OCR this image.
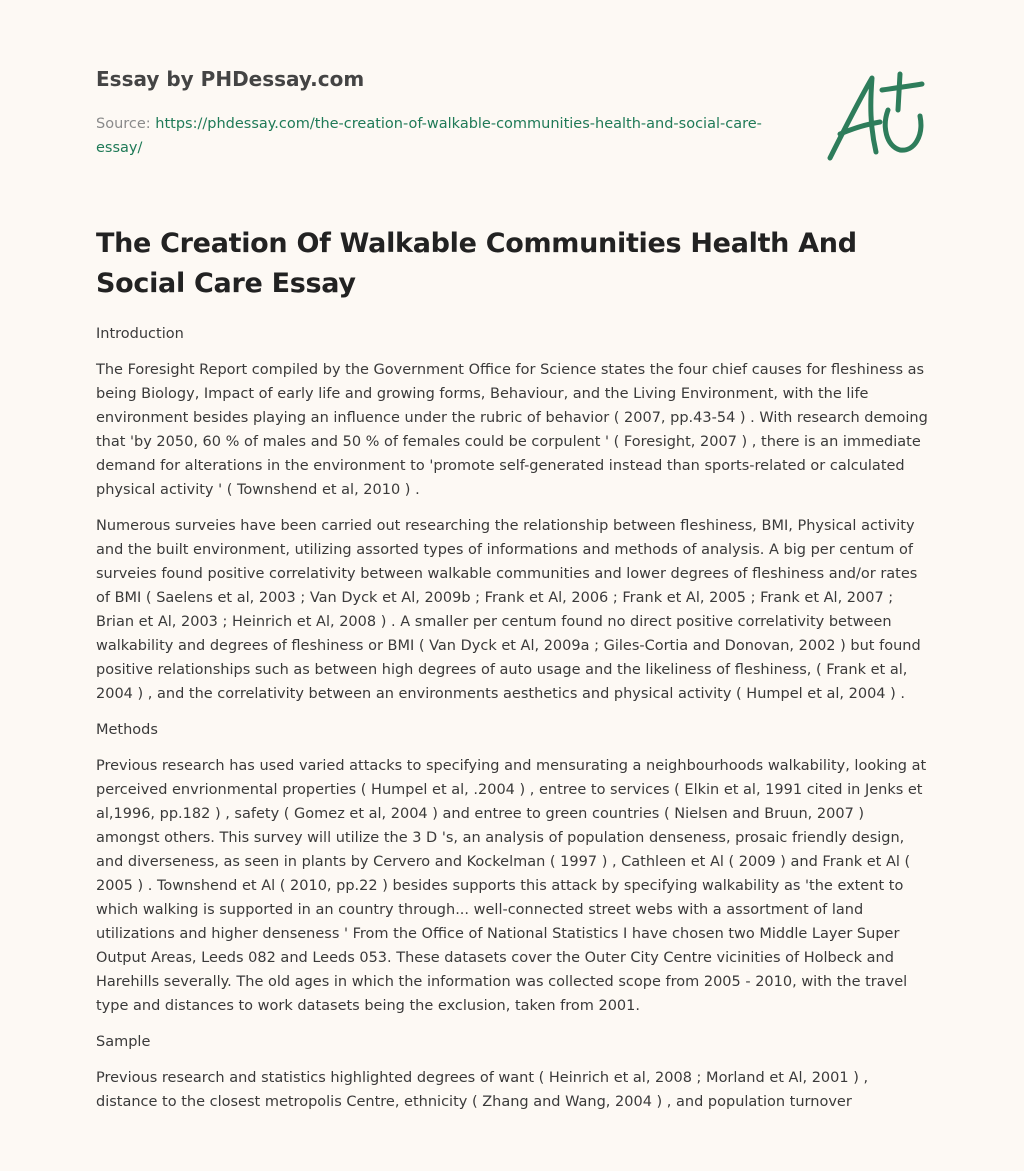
Essay by PHDessay.com
Source: https://phdessay.com/the-creation-of-walkable-communities-health-and-social-care-essay/
The Creation Of Walkable Communities Health And Social Care Essay

Introduction

The Foresight Report compiled by the Government Office for Science states the four chief causes for fleshiness as being Biology, Impact of early life and growing forms, Behaviour, and the Living Environment, with the life environment besides playing an influence under the rubric of behavior ( 2007, pp.43-54 ) . With research demoing that 'by 2050, 60 % of males and 50 % of females could be corpulent ' ( Foresight, 2007 ) , there is an immediate demand for alterations in the environment to 'promote self-generated instead than sports-related or calculated physical activity ' ( Townshend et al, 2010 ) .

Numerous surveies have been carried out researching the relationship between fleshiness, BMI, Physical activity and the built environment, utilizing assorted types of informations and methods of analysis. A big per centum of surveies found positive correlativity between walkable communities and lower degrees of fleshiness and/or rates of BMI ( Saelens et al, 2003 ; Van Dyck et Al, 2009b ; Frank et Al, 2006 ; Frank et Al, 2005 ; Frank et Al, 2007 ; Brian et Al, 2003 ; Heinrich et Al, 2008 ) . A smaller per centum found no direct positive correlativity between walkability and degrees of fleshiness or BMI ( Van Dyck et Al, 2009a ; Giles-Cortia and Donovan, 2002 ) but found positive relationships such as between high degrees of auto usage and the likeliness of fleshiness, ( Frank et al, 2004 ) , and the correlativity between an environments aesthetics and physical activity ( Humpel et al, 2004 ) .

Methods

Previous research has used varied attacks to specifying and mensurating a neighbourhoods walkability, looking at perceived envrionmental properties ( Humpel et al, .2004 ) , entree to services ( Elkin et al, 1991 cited in Jenks et al,1996, pp.182 ) , safety ( Gomez et al, 2004 ) and entree to green countries ( Nielsen and Bruun, 2007 ) amongst others. This survey will utilize the 3 D 's, an analysis of population denseness, prosaic friendly design, and diverseness, as seen in plants by Cervero and Kockelman ( 1997 ) , Cathleen et Al ( 2009 ) and Frank et Al ( 2005 ) . Townshend et Al ( 2010, pp.22 ) besides supports this attack by specifying walkability as 'the extent to which walking is supported in an country through... well-connected street webs with a assortment of land utilizations and higher denseness ' From the Office of National Statistics I have chosen two Middle Layer Super Output Areas, Leeds 082 and Leeds 053. These datasets cover the Outer City Centre vicinities of Holbeck and Harehills severally. The old ages in which the information was collected scope from 2005 - 2010, with the travel type and distances to work datasets being the exclusion, taken from 2001.

Sample

Previous research and statistics highlighted degrees of want ( Heinrich et al, 2008 ; Morland et Al, 2001 ) , distance to the closest metropolis Centre, ethnicity ( Zhang and Wang, 2004 ) , and population turnover
